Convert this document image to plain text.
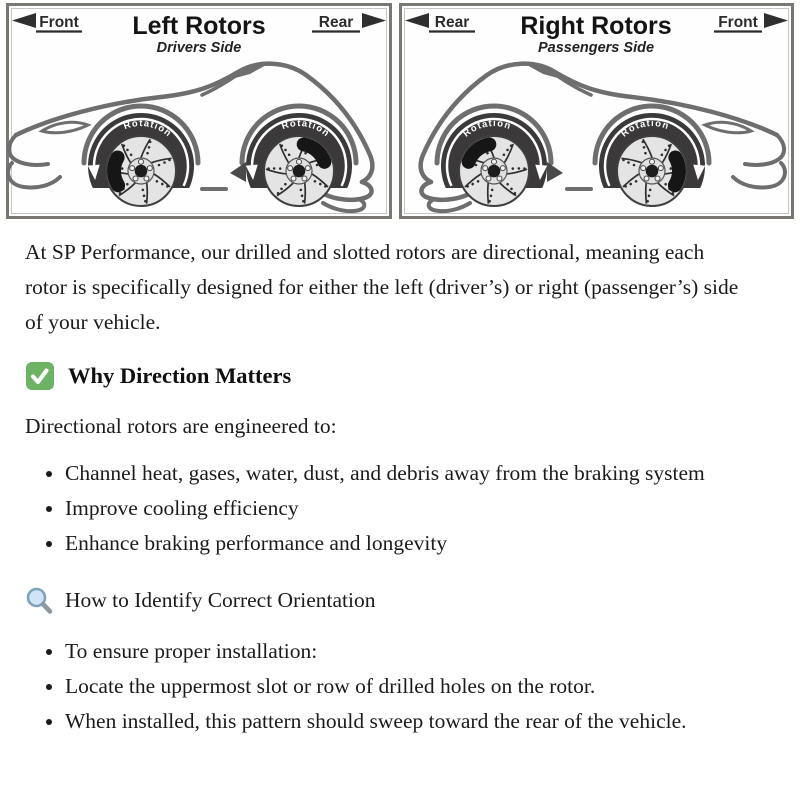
Rotation
Rotation
Front Left Rotors
Drivers Side
Rear
Rotation
Rotation
Rear Right Rotors
Passengers Side
Front

At SP Performance, our drilled and slotted rotors are directional, meaning each rotor is specifically designed for either the left (driver’s) or right (passenger’s) side of your vehicle.

Why Direction Matters

Directional rotors are engineered to:

• Channel heat, gases, water, dust, and debris away from the braking system
• Improve cooling efficiency
• Enhance braking performance and longevity
How to Identify Correct Orientation
• To ensure proper installation:
• Locate the uppermost slot or row of drilled holes on the rotor.
• When installed, this pattern should sweep toward the rear of the vehicle.
